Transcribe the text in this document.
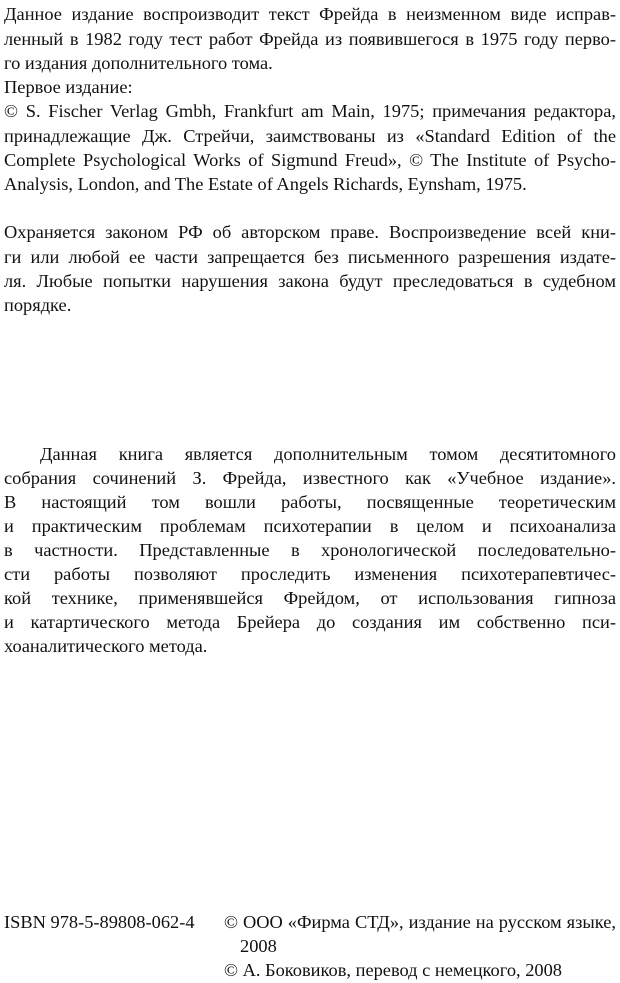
Данное издание воспроизводит текст Фрейда в неизменном виде исправ-
ленный в 1982 году тест работ Фрейда из появившегося в 1975 году перво-
го издания дополнительного тома.
Первое издание:
© S. Fischer Verlag Gmbh, Frankfurt am Main, 1975; примечания редактора,
принадлежащие Дж. Стрейчи, заимствованы из «Standard Edition of the
Complete Psychological Works of Sigmund Freud», © The Institute of Psycho-
Analysis, London, and The Estate of Angels Richards, Eynsham, 1975.
Охраняется законом РФ об авторском праве. Воспроизведение всей кни-
ги или любой ее части запрещается без письменного разрешения издате-
ля. Любые попытки нарушения закона будут преследоваться в судебном
порядке.
Данная книга является дополнительным томом десятитомного
собрания сочинений З. Фрейда, известного как «Учебное издание».
В настоящий том вошли работы, посвященные теоретическим
и практическим проблемам психотерапии в целом и психоанализа
в частности. Представленные в хронологической последовательно-
сти работы позволяют проследить изменения психотерапевтичес-
кой технике, применявшейся Фрейдом, от использования гипноза
и катартического метода Брейера до создания им собственно пси-
хоаналитического метода.
ISBN 978-5-89808-062-4 © ООО «Фирма СТД», издание на русском языке,
2008
© А. Боковиков, перевод с немецкого, 2008
